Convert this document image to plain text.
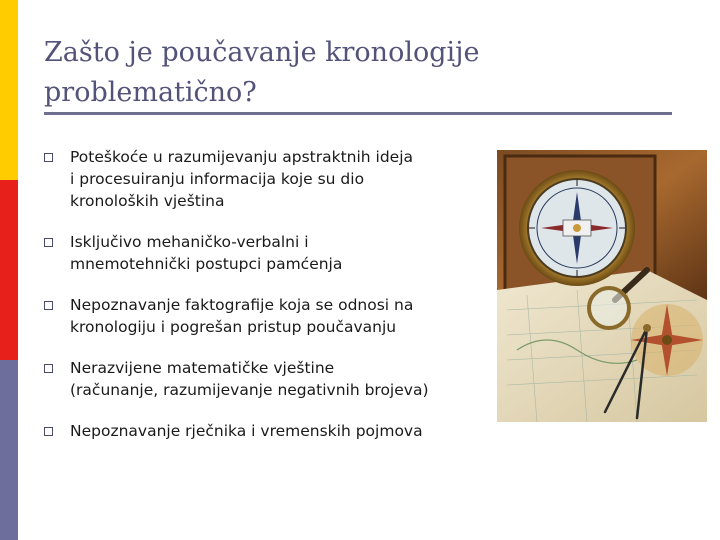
Zašto je poučavanje kronologije problematično?
Poteškoće u razumijevanju apstraktnih ideja
i procesuiranju informacija koje su dio
kronoloških vještina
Isključivo mehaničko-verbalni i
mnemotehnički postupci pamćenja
Nepoznavanje faktografije koja se odnosi na
kronologiju i pogrešan pristup poučavanju
Nerazvijene matematičke vještine
(računanje, razumijevanje negativnih brojeva)
Nepoznavanje rječnika i vremenskih pojmova
